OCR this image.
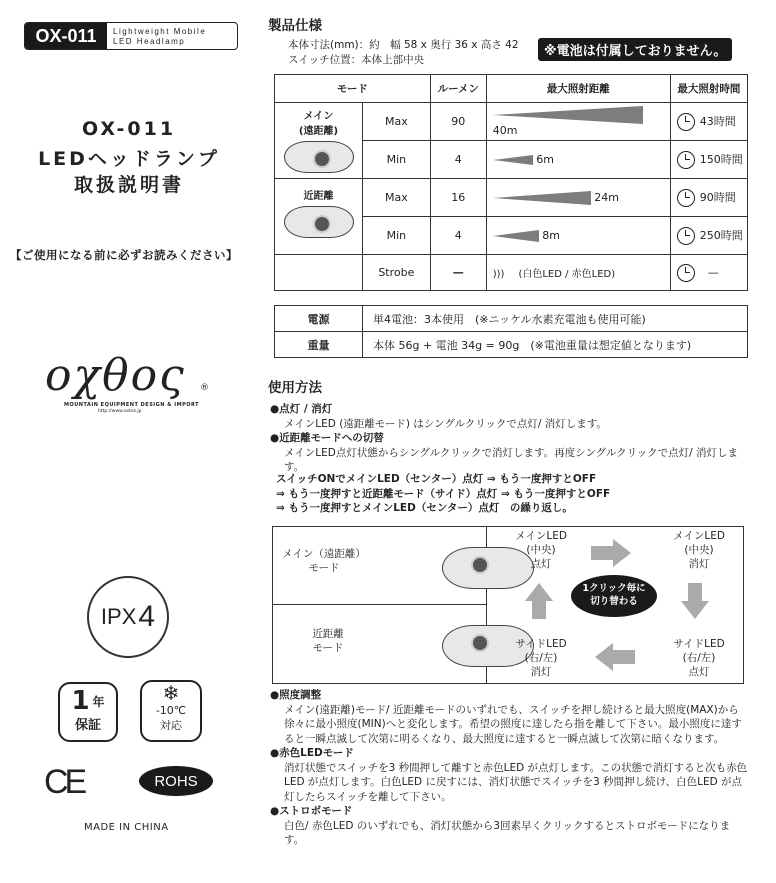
OX-011	Lightweight Mobile
LED Headlamp
OX-011
LEDヘッドランプ
取扱説明書
【ご使用になる前に必ずお読みください】
οχθος ®
MOUNTAIN EQUIPMENT DESIGN & IMPORT
http://www.oxtos.jp
IPX 4
1 年
保証
❄
-10℃
対応
CE	ROHS
MADE IN CHINA
製品仕様
本体寸法(mm)：約　幅 58 x 奥行 36 x 高さ 42
スイッチ位置：本体上部中央
※電池は付属しておりません。
モード		ルーメン	最大照射距離	最大照射時間
メイン
(遠距離)	Max	90	40m	43時間
	Min	4	6m	150時間
近距離	Max	16	24m	90時間
	Min	4	8m	250時間
	Strobe	—	))) (白色LED / 赤色LED)	—
電源	単4電池：3本使用　(※ニッケル水素充電池も使用可能)
重量	本体 56g + 電池 34g = 90g　(※電池重量は想定値となります)
使用方法
●点灯 / 消灯
メインLED (遠距離モード) はシングルクリックで点灯/ 消灯します。
●近距離モードへの切替
メインLED点灯状態からシングルクリックで消灯します。再度シングルクリックで点灯/ 消灯します。
スイッチONでメインLED（センター）点灯 ⇒ もう一度押すとOFF
⇒ もう一度押すと近距離モード（サイド）点灯 ⇒ もう一度押すとOFF
⇒ もう一度押すとメインLED（センター）点灯　の繰り返し。
メイン（遠距離）
モード
近距離
モード
メインLED
(中央)
点灯
メインLED
(中央)
消灯
サイドLED
(右/左)
点灯
サイドLED
(右/左)
消灯
1クリック毎に
切り替わる
●照度調整
メイン(遠距離)モード/ 近距離モードのいずれでも、スイッチを押し続けると最大照度(MAX)から徐々に最小照度(MIN)へと変化します。希望の照度に達したら指を離して下さい。最小照度に達すると一瞬点滅して次第に明るくなり、最大照度に達すると一瞬点滅して次第に暗くなります。
●赤色LEDモード
消灯状態でスイッチを3 秒間押して離すと赤色LED が点灯します。この状態で消灯すると次も赤色LED が点灯します。白色LED に戻すには、消灯状態でスイッチを3 秒間押し続け、白色LED が点灯したらスイッチを離して下さい。
●ストロボモード
白色/ 赤色LED のいずれでも、消灯状態から3回素早くクリックするとストロボモードになります。
